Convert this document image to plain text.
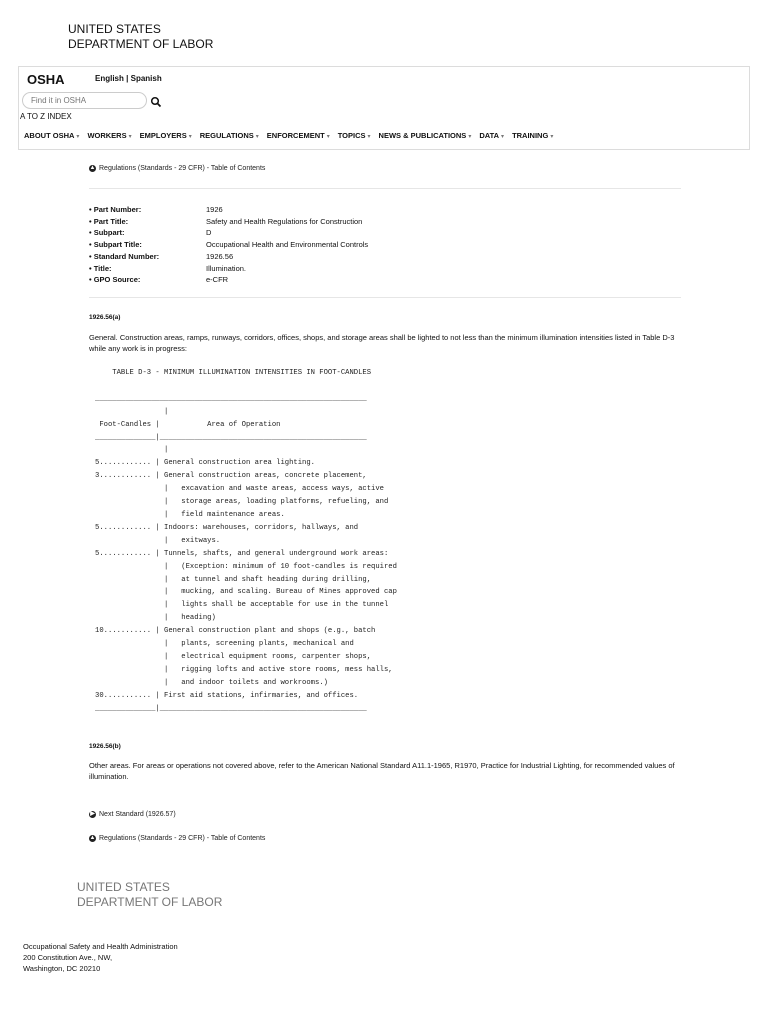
UNITED STATES
DEPARTMENT OF LABOR
OSHA	English | Spanish
Find it in OSHA
A TO Z INDEX
ABOUT OSHA ▾ WORKERS ▾ EMPLOYERS ▾ REGULATIONS ▾ ENFORCEMENT ▾ TOPICS ▾ NEWS & PUBLICATIONS ▾ DATA ▾ TRAINING ▾
▲ Regulations (Standards - 29 CFR) - Table of Contents
• Part Number:	1926
• Part Title:	Safety and Health Regulations for Construction
• Subpart:	D
• Subpart Title:	Occupational Health and Environmental Controls
• Standard Number:	1926.56
• Title:	Illumination.
• GPO Source:	e-CFR
1926.56(a)
General. Construction areas, ramps, runways, corridors, offices, shops, and storage areas shall be lighted to not less than the minimum illumination intensities listed in Table D-3 while any work is in progress:
TABLE D-3 - MINIMUM ILLUMINATION INTENSITIES IN FOOT-CANDLES

_______________________________________________________________
|
Foot-Candles |           Area of Operation
______________|________________________________________________
|
5............ | General construction area lighting.
3............ | General construction areas, concrete placement,
|   excavation and waste areas, access ways, active
|   storage areas, loading platforms, refueling, and
|   field maintenance areas.
5............ | Indoors: warehouses, corridors, hallways, and
|   exitways.
5............ | Tunnels, shafts, and general underground work areas:
|   (Exception: minimum of 10 foot-candles is required
|   at tunnel and shaft heading during drilling,
|   mucking, and scaling. Bureau of Mines approved cap
|   lights shall be acceptable for use in the tunnel
|   heading)
10........... | General construction plant and shops (e.g., batch
|   plants, screening plants, mechanical and
|   electrical equipment rooms, carpenter shops,
|   rigging lofts and active store rooms, mess halls,
|   and indoor toilets and workrooms.)
30........... | First aid stations, infirmaries, and offices.
______________|________________________________________________
1926.56(b)
Other areas. For areas or operations not covered above, refer to the American National Standard A11.1-1965, R1970, Practice for Industrial Lighting, for recommended values of illumination.
▶ Next Standard (1926.57)
▲ Regulations (Standards - 29 CFR) - Table of Contents
UNITED STATES
DEPARTMENT OF LABOR
Occupational Safety and Health Administration
200 Constitution Ave., NW,
Washington, DC 20210
